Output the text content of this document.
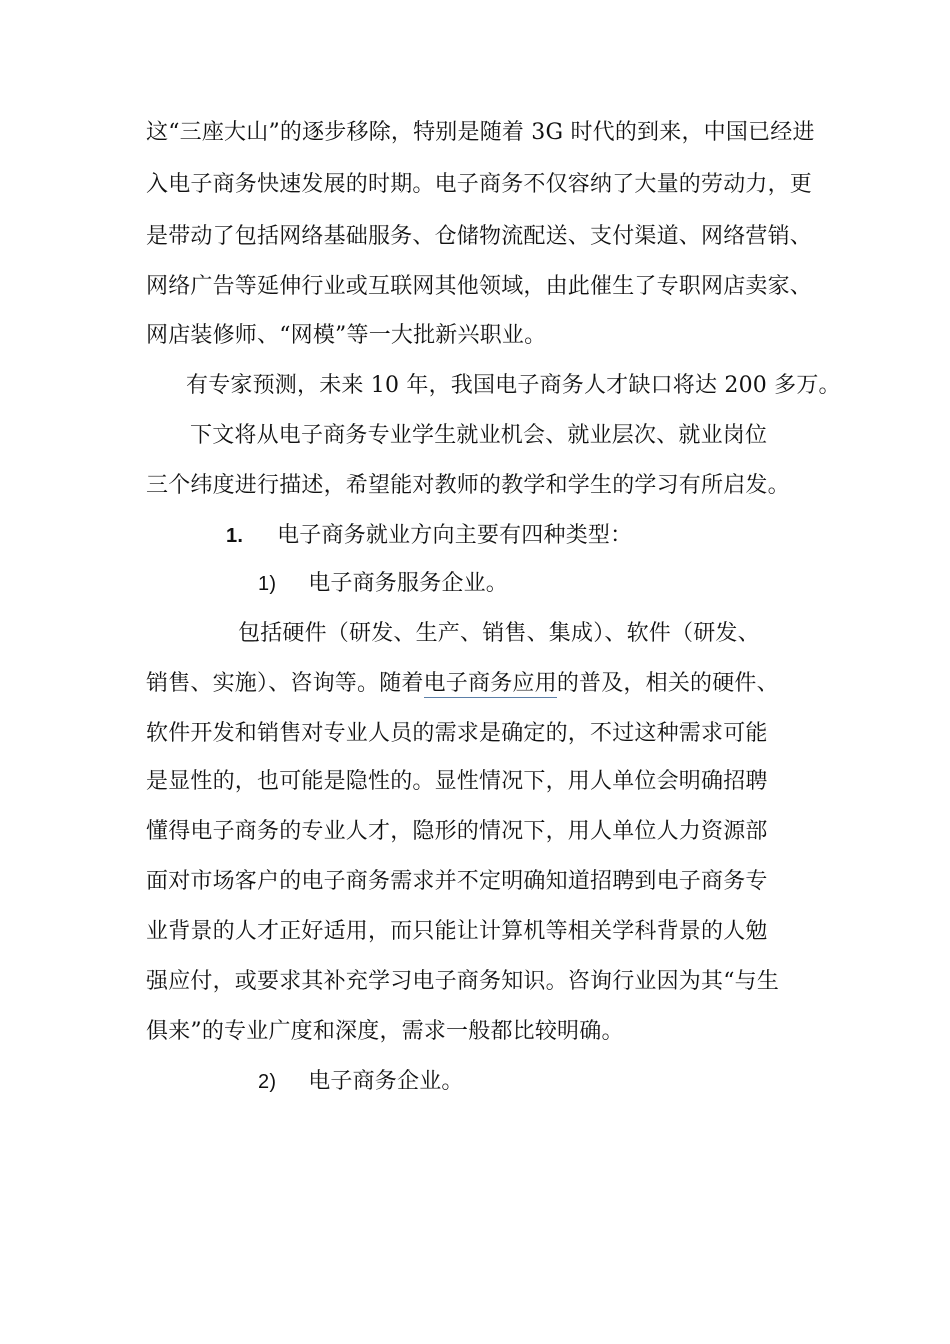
这“三座大山”的逐步移除，特别是随着 3G 时代的到来，中国已经进
入电子商务快速发展的时期。电子商务不仅容纳了大量的劳动力，更
是带动了包括网络基础服务、仓储物流配送、支付渠道、网络营销、
网络广告等延伸行业或互联网其他领域，由此催生了专职网店卖家、
网店装修师、“网模”等一大批新兴职业。
有专家预测，未来 10 年，我国电子商务人才缺口将达 200 多万。
下文将从电子商务专业学生就业机会、就业层次、就业岗位
三个纬度进行描述，希望能对教师的教学和学生的学习有所启发。
1. 电子商务就业方向主要有四种类型：
1) 电子商务服务企业。
包括硬件（研发、生产、销售、集成）、软件（研发、
销售、实施）、咨询等。随着电子商务应用的普及，相关的硬件、
软件开发和销售对专业人员的需求是确定的，不过这种需求可能
是显性的，也可能是隐性的。显性情况下，用人单位会明确招聘
懂得电子商务的专业人才，隐形的情况下，用人单位人力资源部
面对市场客户的电子商务需求并不定明确知道招聘到电子商务专
业背景的人才正好适用，而只能让计算机等相关学科背景的人勉
强应付，或要求其补充学习电子商务知识。咨询行业因为其“与生
俱来”的专业广度和深度，需求一般都比较明确。
2) 电子商务企业。
